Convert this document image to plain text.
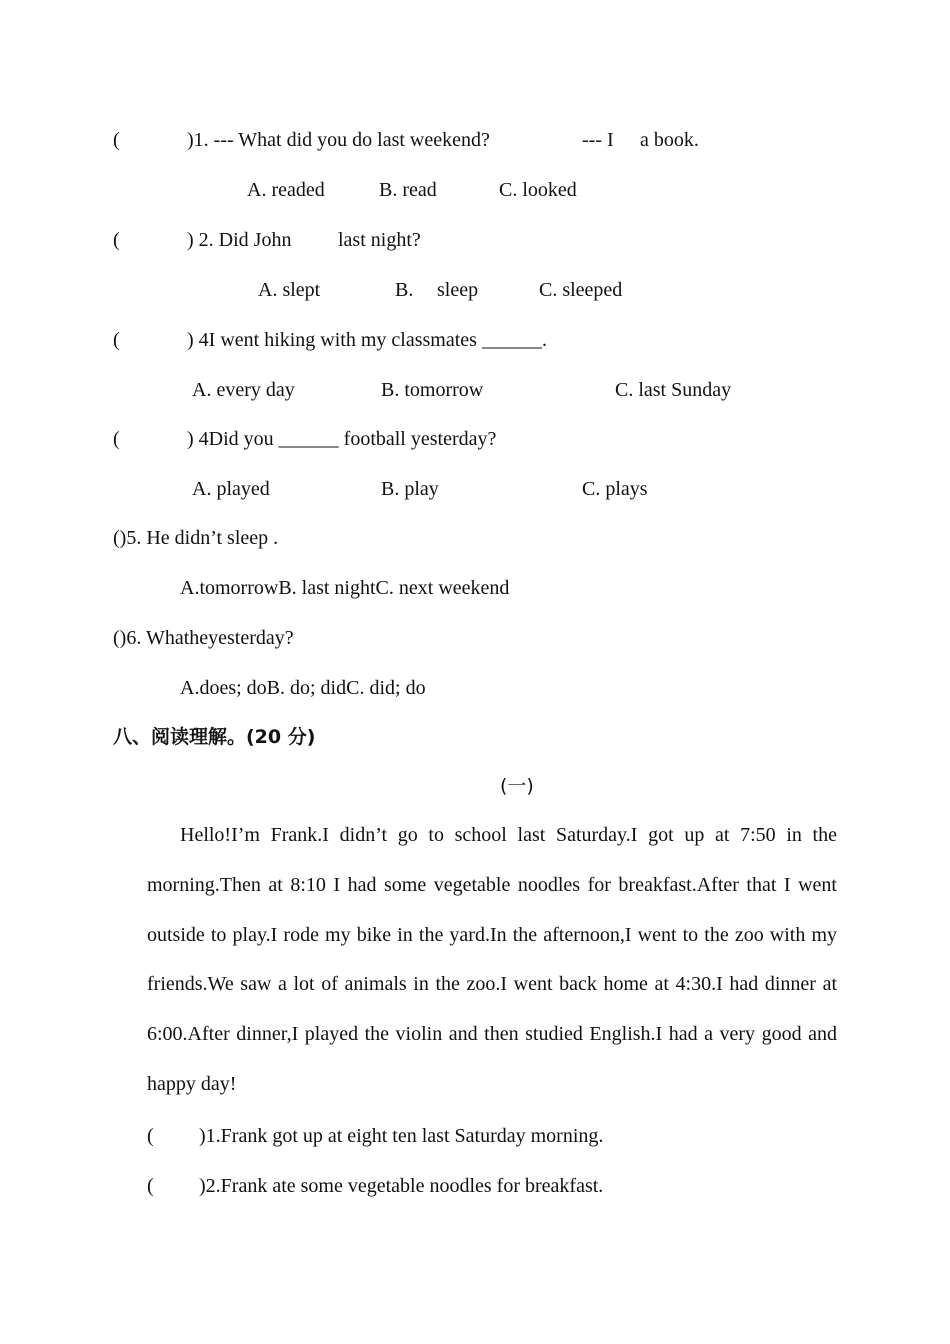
(	)1. --- What did you do last weekend?	--- I a book.
A. readed	B. read	C. looked
(	) 2. Did John last night?
A. slept	B. sleep	C. sleeped
(	) 4I went hiking with my classmates ______.
A. every day	B. tomorrow	C. last Sunday
(	) 4Did you ______ football yesterday?
A. played	B. play	C. plays
()5. He didn’t sleep .
A.tomorrowB. last nightC. next weekend
()6. Whatheyesterday?
A.does; doB. do; didC. did; do
八、阅读理解。(20 分)
(一)
Hello!I’m Frank.I didn’t go to school last Saturday.I got up at 7:50 in the morning.Then at 8:10 I had some vegetable noodles for breakfast.After that I went outside to play.I rode my bike in the yard.In the afternoon,I went to the zoo with my friends.We saw a lot of animals in the zoo.I went back home at 4:30.I had dinner at 6:00.After dinner,I played the violin and then studied English.I had a very good and happy day!
( )1.Frank got up at eight ten last Saturday morning.
( )2.Frank ate some vegetable noodles for breakfast.
